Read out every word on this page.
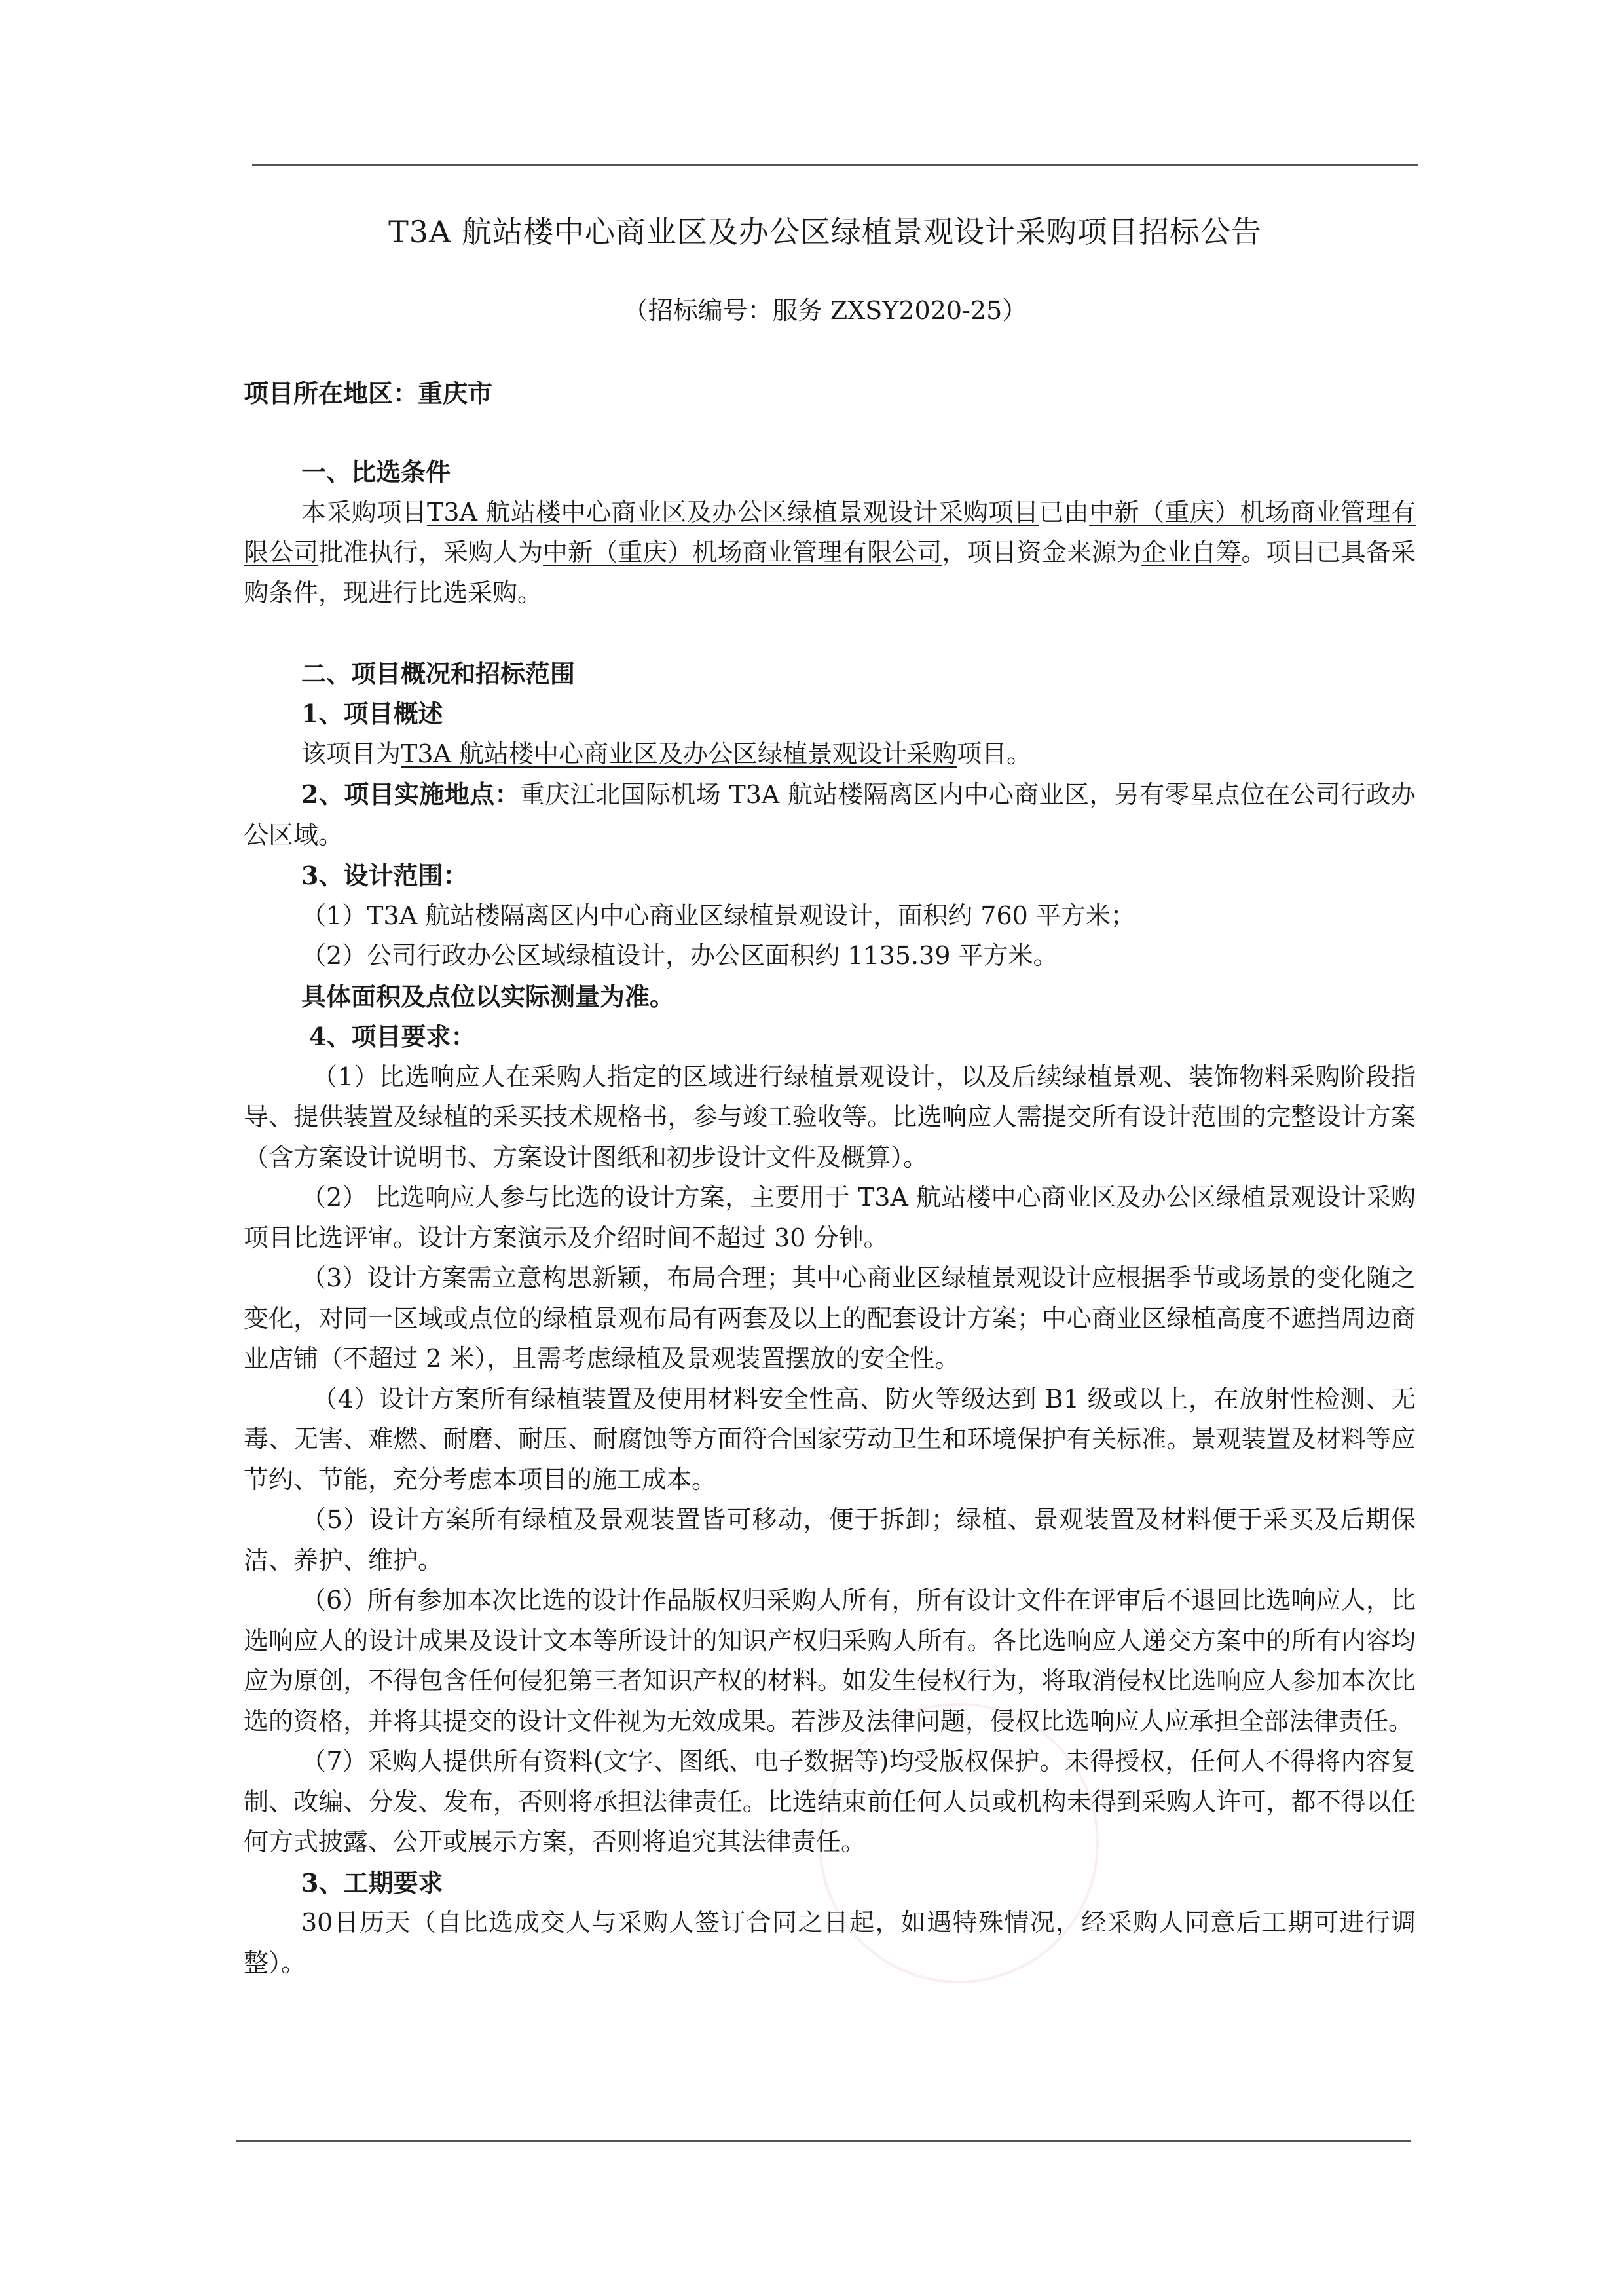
T3A 航站楼中心商业区及办公区绿植景观设计采购项目招标公告
（招标编号：服务 ZXSY2020-25）
项目所在地区：重庆市

一、比选条件

本采购项目T3A 航站楼中心商业区及办公区绿植景观设计采购项目已由中新（重庆）机场商业管理有限公司批准执行，采购人为中新（重庆）机场商业管理有限公司，项目资金来源为企业自筹。项目已具备采购条件，现进行比选采购。

二、项目概况和招标范围

1、项目概述

该项目为T3A 航站楼中心商业区及办公区绿植景观设计采购项目。

2、项目实施地点：重庆江北国际机场 T3A 航站楼隔离区内中心商业区，另有零星点位在公司行政办公区域。

3、设计范围：

（1）T3A 航站楼隔离区内中心商业区绿植景观设计，面积约 760 平方米；

（2）公司行政办公区域绿植设计，办公区面积约 1135.39 平方米。

具体面积及点位以实际测量为准。

4、项目要求：

（1）比选响应人在采购人指定的区域进行绿植景观设计，以及后续绿植景观、装饰物料采购阶段指导、提供装置及绿植的采买技术规格书，参与竣工验收等。比选响应人需提交所有设计范围的完整设计方案（含方案设计说明书、方案设计图纸和初步设计文件及概算）。

（2） 比选响应人参与比选的设计方案，主要用于 T3A 航站楼中心商业区及办公区绿植景观设计采购项目比选评审。设计方案演示及介绍时间不超过 30 分钟。

（3）设计方案需立意构思新颖，布局合理；其中心商业区绿植景观设计应根据季节或场景的变化随之变化，对同一区域或点位的绿植景观布局有两套及以上的配套设计方案；中心商业区绿植高度不遮挡周边商业店铺（不超过 2 米），且需考虑绿植及景观装置摆放的安全性。

（4）设计方案所有绿植装置及使用材料安全性高、防火等级达到 B1 级或以上，在放射性检测、无毒、无害、难燃、耐磨、耐压、耐腐蚀等方面符合国家劳动卫生和环境保护有关标准。景观装置及材料等应节约、节能，充分考虑本项目的施工成本。

（5）设计方案所有绿植及景观装置皆可移动，便于拆卸；绿植、景观装置及材料便于采买及后期保洁、养护、维护。

（6）所有参加本次比选的设计作品版权归采购人所有，所有设计文件在评审后不退回比选响应人，比选响应人的设计成果及设计文本等所设计的知识产权归采购人所有。各比选响应人递交方案中的所有内容均应为原创，不得包含任何侵犯第三者知识产权的材料。如发生侵权行为，将取消侵权比选响应人参加本次比选的资格，并将其提交的设计文件视为无效成果。若涉及法律问题，侵权比选响应人应承担全部法律责任。

（7）采购人提供所有资料(文字、图纸、电子数据等)均受版权保护。未得授权，任何人不得将内容复制、改编、分发、发布，否则将承担法律责任。比选结束前任何人员或机构未得到采购人许可，都不得以任何方式披露、公开或展示方案，否则将追究其法律责任。

3、工期要求

30日历天（自比选成交人与采购人签订合同之日起，如遇特殊情况，经采购人同意后工期可进行调整）。
